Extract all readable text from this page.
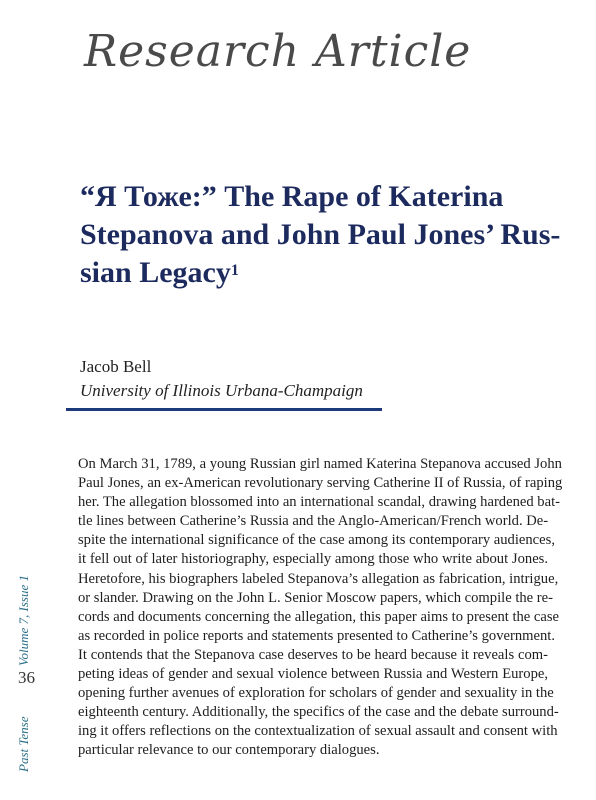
Research Article
“Я Тоже:” The Rape of Katerina
Stepanova and John Paul Jones’ Rus-
sian Legacy$^1$

Jacob Bell

University of Illinois Urbana-Champaign

On March 31, 1789, a young Russian girl named Katerina Stepanova accused John
Paul Jones, an ex-American revolutionary serving Catherine II of Russia, of raping
her. The allegation blossomed into an international scandal, drawing hardened bat-
tle lines between Catherine’s Russia and the Anglo-American/French world. De-
spite the international significance of the case among its contemporary audiences,
it fell out of later historiography, especially among those who write about Jones.
Heretofore, his biographers labeled Stepanova’s allegation as fabrication, intrigue,
or slander. Drawing on the John L. Senior Moscow papers, which compile the re-
cords and documents concerning the allegation, this paper aims to present the case
as recorded in police reports and statements presented to Catherine’s government.
It contends that the Stepanova case deserves to be heard because it reveals com-
peting ideas of gender and sexual violence between Russia and Western Europe,
opening further avenues of exploration for scholars of gender and sexuality in the
eighteenth century. Additionally, the specifics of the case and the debate surround-
ing it offers reflections on the contextualization of sexual assault and consent with
particular relevance to our contemporary dialogues.

Volume 7, Issue 1
36
Past Tense
